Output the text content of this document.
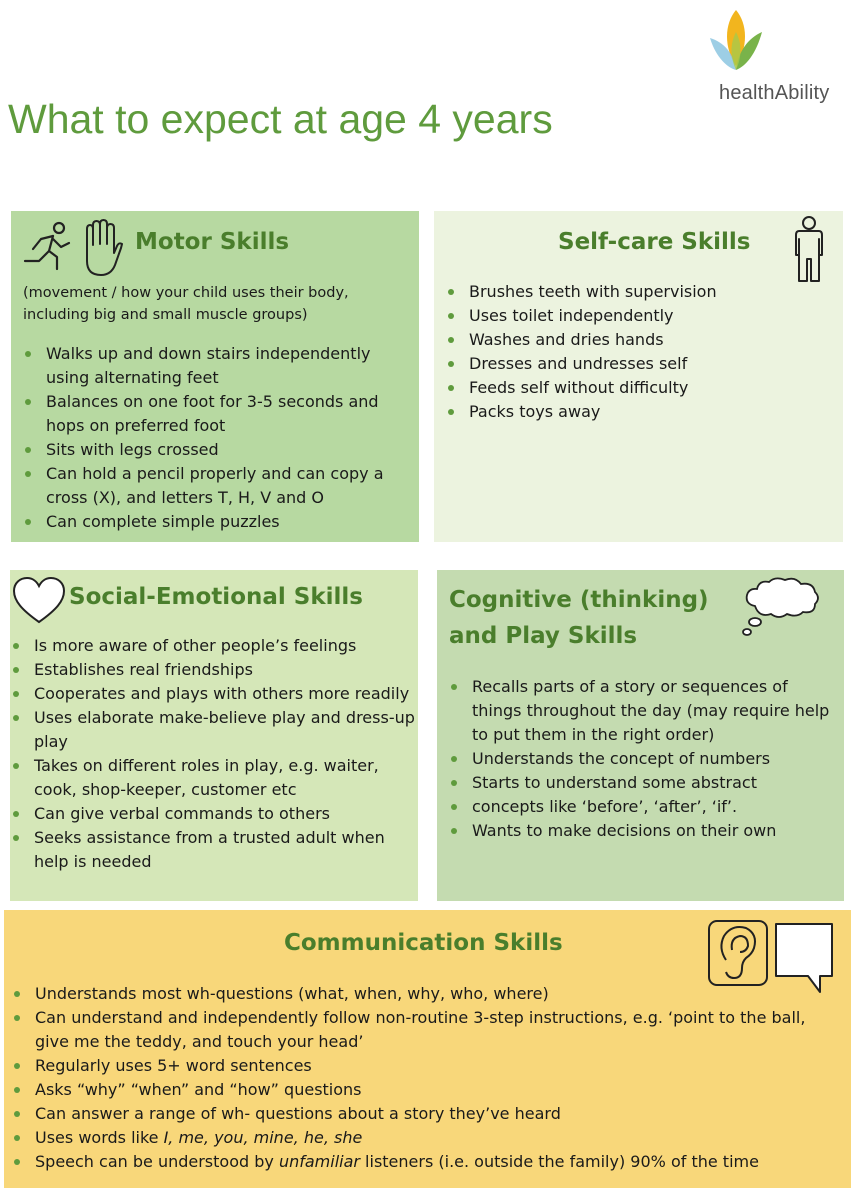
healthAbility
What to expect at age 4 years
Motor Skills
(movement / how your child uses their body, including big and small muscle groups)
Walks up and down stairs independently using alternating feet
Balances on one foot for 3-5 seconds and hops on preferred foot
Sits with legs crossed
Can hold a pencil properly and can copy a cross (X), and letters T, H, V and O
Can complete simple puzzles
Self-care Skills
Brushes teeth with supervision
Uses toilet independently
Washes and dries hands
Dresses and undresses self
Feeds self without difficulty
Packs toys away
Social-Emotional Skills
Is more aware of other people’s feelings
Establishes real friendships
Cooperates and plays with others more readily
Uses elaborate make-believe play and dress-up play
Takes on different roles in play, e.g. waiter, cook, shop-keeper, customer etc
Can give verbal commands to others
Seeks assistance from a trusted adult when help is needed
Cognitive (thinking)
and Play Skills
Recalls parts of a story or sequences of things throughout the day (may require help to put them in the right order)
Understands the concept of numbers
Starts to understand some abstract
concepts like ‘before’, ‘after’, ‘if’.
Wants to make decisions on their own
Communication Skills
Understands most wh-questions (what, when, why, who, where)
Can understand and independently follow non-routine 3-step instructions, e.g. ‘point to the ball, give me the teddy, and touch your head’
Regularly uses 5+ word sentences
Asks “why” “when” and “how” questions
Can answer a range of wh- questions about a story they’ve heard
Uses words like I, me, you, mine, he, she
Speech can be understood by unfamiliar listeners (i.e. outside the family) 90% of the time
